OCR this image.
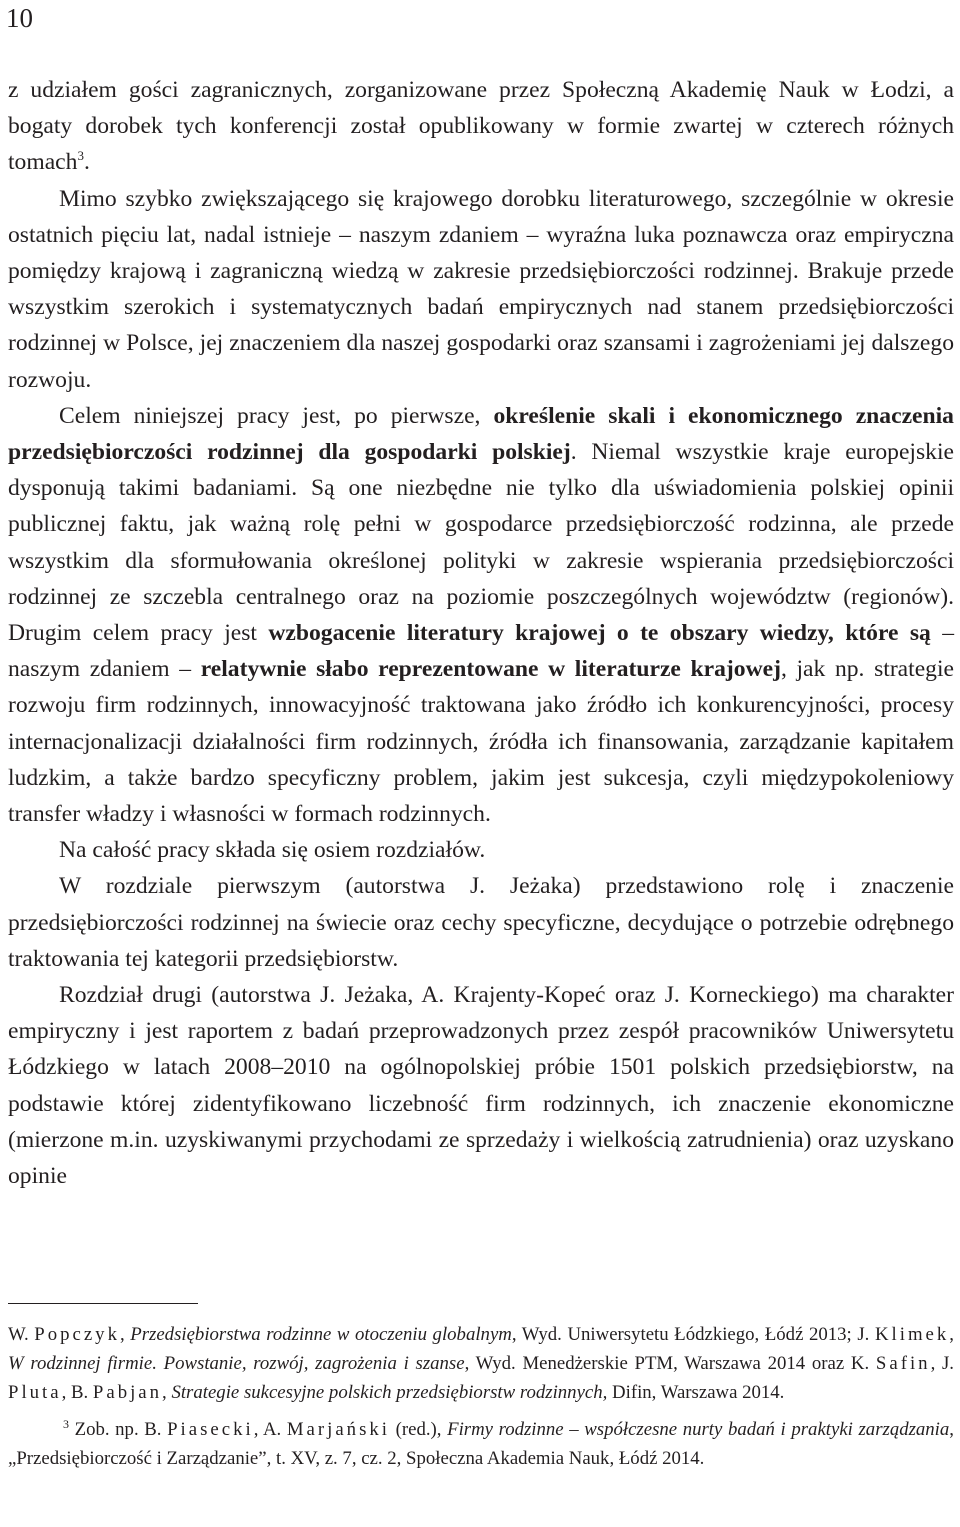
10

z udziałem gości zagranicznych, zorganizowane przez Społeczną Akademię Nauk w Łodzi, a bogaty dorobek tych konferencji został opublikowany w formie zwartej w czterech różnych tomach$^3$.

Mimo szybko zwiększającego się krajowego dorobku literaturowego, szczególnie w okresie ostatnich pięciu lat, nadal istnieje – naszym zdaniem – wyraźna luka poznawcza oraz empiryczna pomiędzy krajową i zagraniczną wiedzą w zakresie przedsiębiorczości rodzinnej. Brakuje przede wszystkim szerokich i systematycznych badań empirycznych nad stanem przedsiębiorczości rodzinnej w Polsce, jej znaczeniem dla naszej gospodarki oraz szansami i zagrożeniami jej dalszego rozwoju.

Celem niniejszej pracy jest, po pierwsze, określenie skali i ekonomicznego znaczenia przedsiębiorczości rodzinnej dla gospodarki polskiej. Niemal wszystkie kraje europejskie dysponują takimi badaniami. Są one niezbędne nie tylko dla uświadomienia polskiej opinii publicznej faktu, jak ważną rolę pełni w gospodarce przedsiębiorczość rodzinna, ale przede wszystkim dla sformułowania określonej polityki w zakresie wspierania przedsiębiorczości rodzinnej ze szczebla centralnego oraz na poziomie poszczególnych województw (regionów). Drugim celem pracy jest wzbogacenie literatury krajowej o te obszary wiedzy, które są – naszym zdaniem – relatywnie słabo reprezentowane w literaturze krajowej, jak np. strategie rozwoju firm rodzinnych, innowacyjność traktowana jako źródło ich konkurencyjności, procesy internacjonalizacji działalności firm rodzinnych, źródła ich finansowania, zarządzanie kapitałem ludzkim, a także bardzo specyficzny problem, jakim jest sukcesja, czyli międzypokoleniowy transfer władzy i własności w formach rodzinnych.

Na całość pracy składa się osiem rozdziałów.

W rozdziale pierwszym (autorstwa J. Jeżaka) przedstawiono rolę i znaczenie przedsiębiorczości rodzinnej na świecie oraz cechy specyficzne, decydujące o potrzebie odrębnego traktowania tej kategorii przedsiębiorstw.

Rozdział drugi (autorstwa J. Jeżaka, A. Krajenty-Kopeć oraz J. Korneckiego) ma charakter empiryczny i jest raportem z badań przeprowadzonych przez zespół pracowników Uniwersytetu Łódzkiego w latach 2008–2010 na ogólnopolskiej próbie 1501 polskich przedsiębiorstw, na podstawie której zidentyfikowano liczebność firm rodzinnych, ich znaczenie ekonomiczne (mierzone m.in. uzyskiwanymi przychodami ze sprzedaży i wielkością zatrudnienia) oraz uzyskano opinie

W. Popczyk, Przedsiębiorstwa rodzinne w otoczeniu globalnym, Wyd. Uniwersytetu Łódzkiego, Łódź 2013; J. Klimek, W rodzinnej firmie. Powstanie, rozwój, zagrożenia i szanse, Wyd. Menedżerskie PTM, Warszawa 2014 oraz K. Safin, J. Pluta, B. Pabjan, Strategie sukcesyjne polskich przedsiębiorstw rodzinnych, Difin, Warszawa 2014.

$^3$ Zob. np. B. Piasecki, A. Marjański (red.), Firmy rodzinne – współczesne nurty badań i praktyki zarządzania, „Przedsiębiorczość i Zarządzanie”, t. XV, z. 7, cz. 2, Społeczna Akademia Nauk, Łódź 2014.
